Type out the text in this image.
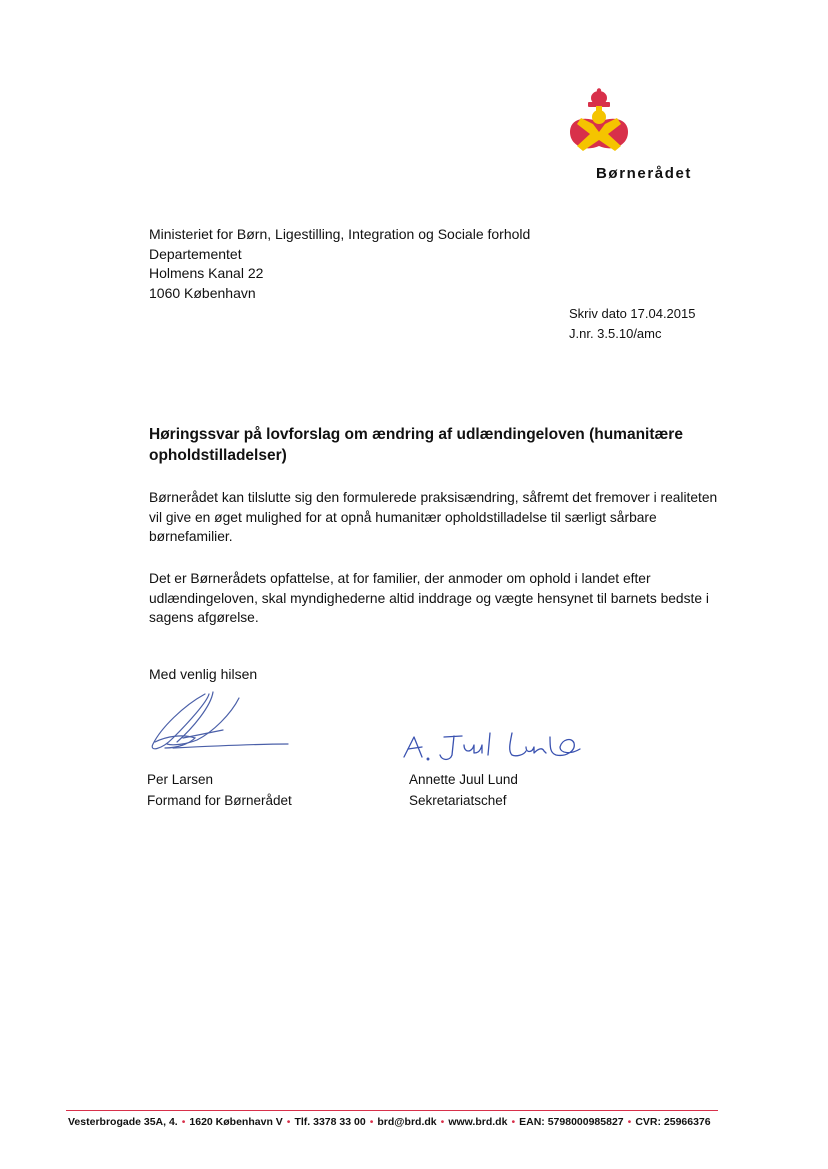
Børnerådet
Ministeriet for Børn, Ligestilling, Integration og Sociale forhold
Departementet
Holmens Kanal 22
1060 København
Skriv dato 17.04.2015
J.nr. 3.5.10/amc
Høringssvar på lovforslag om ændring af udlændingeloven (humanitære opholdstilladelser)
Børnerådet kan tilslutte sig den formulerede praksisændring, såfremt det fremover i realiteten vil give en øget mulighed for at opnå humanitær opholdstilladelse til særligt sårbare børnefamilier.
Det er Børnerådets opfattelse, at for familier, der anmoder om ophold i landet efter udlændingeloven, skal myndighederne altid inddrage og vægte hensynet til barnets bedste i sagens afgørelse.
Med venlig hilsen
Per Larsen
Formand for Børnerådet
Annette Juul Lund
Sekretariatschef
Vesterbrogade 35A, 4. • 1620 København V • Tlf. 3378 33 00 • brd@brd.dk • www.brd.dk • EAN: 5798000985827 • CVR: 25966376
